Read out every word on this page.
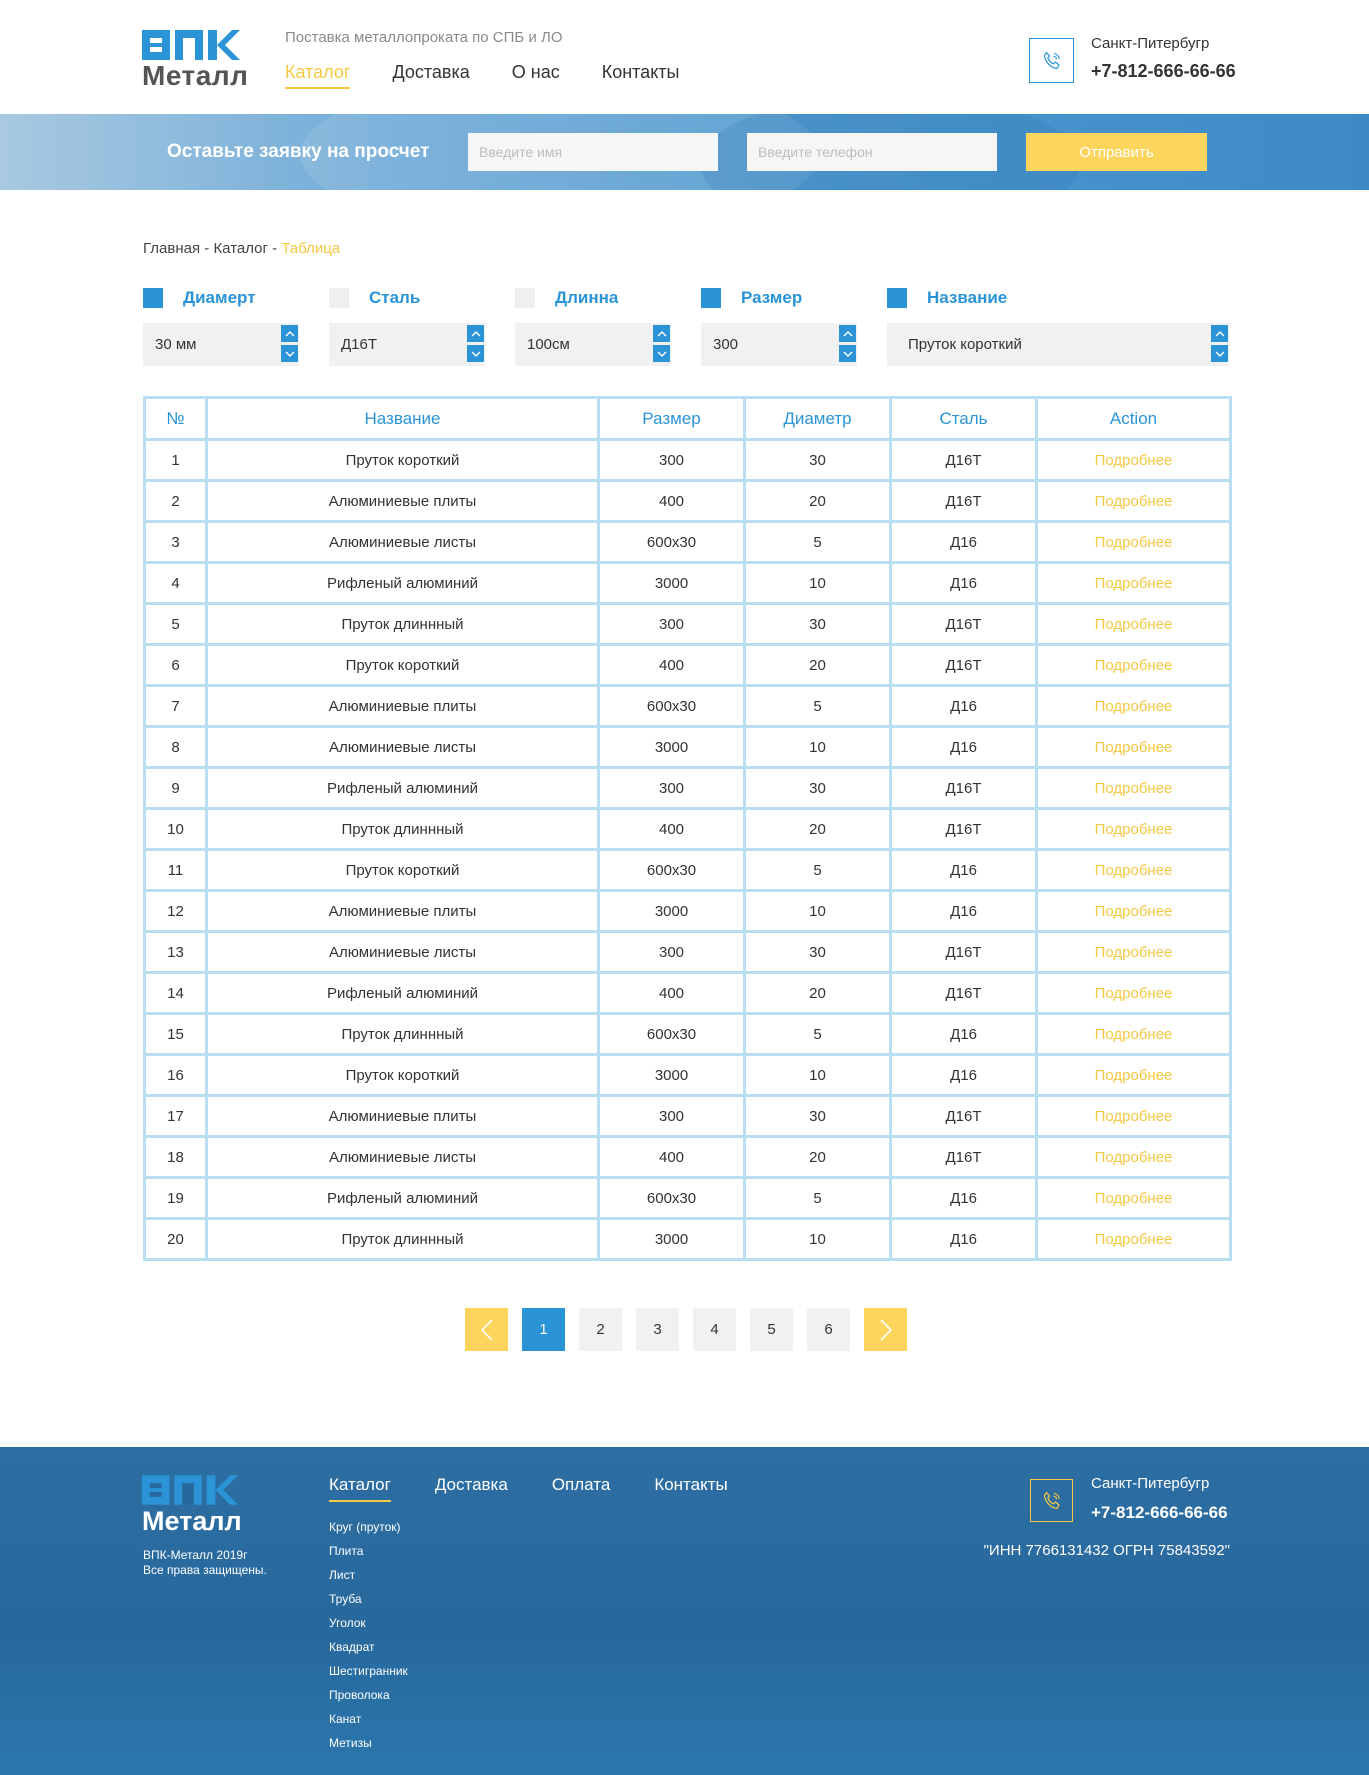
Металл
Поставка металлопроката по СПБ и ЛО
Каталог Доставка О нас Контакты
Санкт-Питербугр
+7-812-666-66-66
Оставьте заявку на просчет
Введите имя
Введите телефон	Отправить
Главная - Каталог - Таблица
Диамерт
30 мм
Сталь
Д16Т
Длинна
100см
Размер
300
Название
Пруток короткий
№	Название	Размер	Диаметр	Сталь	Action
1	Пруток короткий	300	30	Д16Т	Подробнее
2	Алюминиевые плиты	400	20	Д16Т	Подробнее
3	Алюминиевые листы	600х30	5	Д16	Подробнее
4	Рифленый алюминий	3000	10	Д16	Подробнее
5	Пруток длиннный	300	30	Д16Т	Подробнее
6	Пруток короткий	400	20	Д16Т	Подробнее
7	Алюминиевые плиты	600х30	5	Д16	Подробнее
8	Алюминиевые листы	3000	10	Д16	Подробнее
9	Рифленый алюминий	300	30	Д16Т	Подробнее
10	Пруток длиннный	400	20	Д16Т	Подробнее
11	Пруток короткий	600х30	5	Д16	Подробнее
12	Алюминиевые плиты	3000	10	Д16	Подробнее
13	Алюминиевые листы	300	30	Д16Т	Подробнее
14	Рифленый алюминий	400	20	Д16Т	Подробнее
15	Пруток длиннный	600х30	5	Д16	Подробнее
16	Пруток короткий	3000	10	Д16	Подробнее
17	Алюминиевые плиты	300	30	Д16Т	Подробнее
18	Алюминиевые листы	400	20	Д16Т	Подробнее
19	Рифленый алюминий	600х30	5	Д16	Подробнее
20	Пруток длиннный	3000	10	Д16	Подробнее
1	2	3	4	5	6
Металл
ВПК-Металл 2019г
Все права защищены.
Каталог	Доставка	Оплата	Контакты
Круг (пруток)
Плита
Лист
Труба
Уголок
Квадрат
Шестигранник
Проволока
Канат
Метизы
Санкт-Питербугр
+7-812-666-66-66
"ИНН 7766131432 ОГРН 75843592"
